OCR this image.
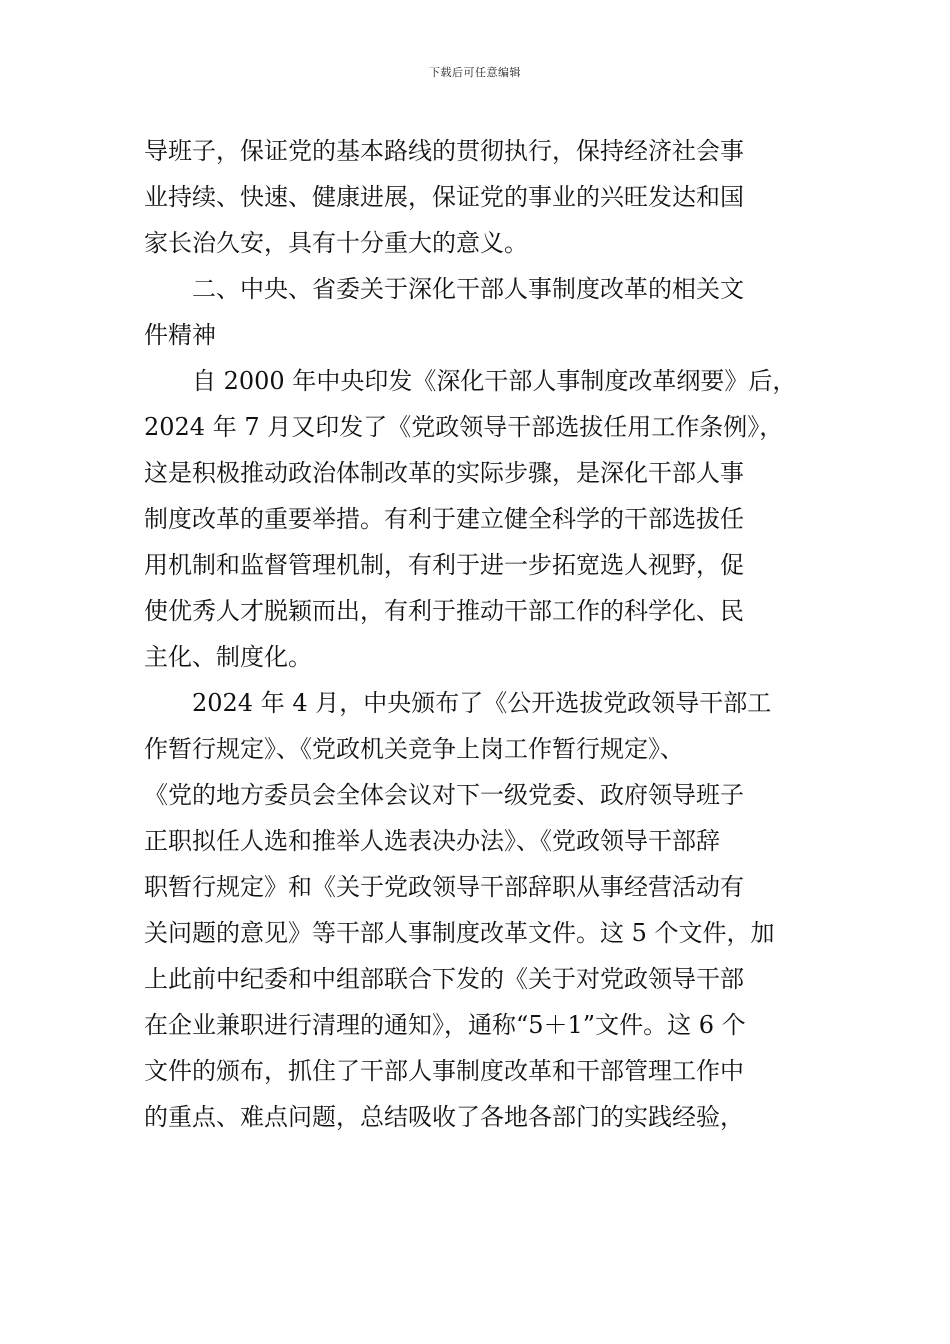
下载后可任意编辑
导班子，保证党的基本路线的贯彻执行，保持经济社会事
业持续、快速、健康进展，保证党的事业的兴旺发达和国
家长治久安，具有十分重大的意义。
　　二、中央、省委关于深化干部人事制度改革的相关文
件精神
　　自 2000 年中央印发《深化干部人事制度改革纲要》后，
2024 年 7 月又印发了《党政领导干部选拔任用工作条例》，
这是积极推动政治体制改革的实际步骤，是深化干部人事
制度改革的重要举措。有利于建立健全科学的干部选拔任
用机制和监督管理机制，有利于进一步拓宽选人视野，促
使优秀人才脱颖而出，有利于推动干部工作的科学化、民
主化、制度化。
　　2024 年 4 月，中央颁布了《公开选拔党政领导干部工
作暂行规定》、《党政机关竞争上岗工作暂行规定》、
《党的地方委员会全体会议对下一级党委、政府领导班子
正职拟任人选和推举人选表决办法》、《党政领导干部辞
职暂行规定》和《关于党政领导干部辞职从事经营活动有
关问题的意见》等干部人事制度改革文件。这 5 个文件，加
上此前中纪委和中组部联合下发的《关于对党政领导干部
在企业兼职进行清理的通知》，通称“5＋1”文件。这 6 个
文件的颁布，抓住了干部人事制度改革和干部管理工作中
的重点、难点问题，总结吸收了各地各部门的实践经验，
